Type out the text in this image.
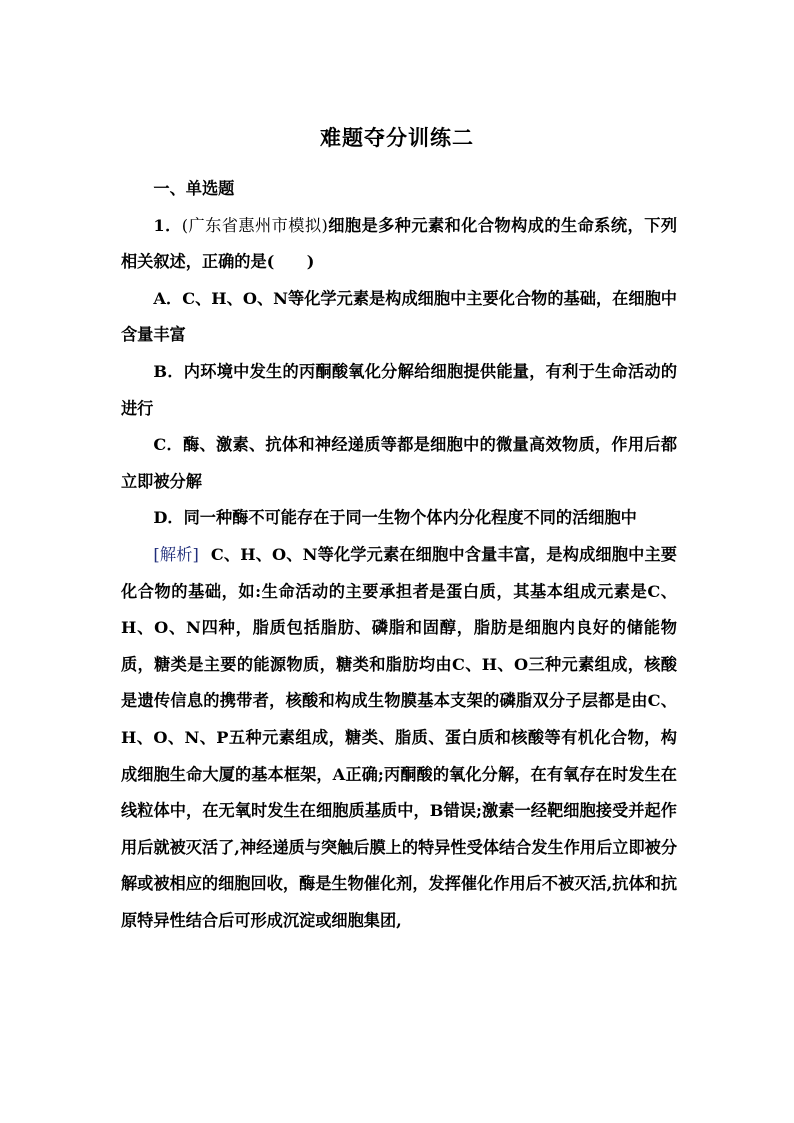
难题夺分训练二

一、单选题

1．(广东省惠州市模拟)细胞是多种元素和化合物构成的生命系统，下列相关叙述，正确的是(　　)

A．C、H、O、N等化学元素是构成细胞中主要化合物的基础，在细胞中含量丰富

B．内环境中发生的丙酮酸氧化分解给细胞提供能量，有利于生命活动的进行

C．酶、激素、抗体和神经递质等都是细胞中的微量高效物质，作用后都立即被分解

D．同一种酶不可能存在于同一生物个体内分化程度不同的活细胞中

[解析] C、H、O、N等化学元素在细胞中含量丰富，是构成细胞中主要化合物的基础，如:生命活动的主要承担者是蛋白质，其基本组成元素是C、H、O、N四种，脂质包括脂肪、磷脂和固醇，脂肪是细胞内良好的储能物质，糖类是主要的能源物质，糖类和脂肪均由C、H、O三种元素组成，核酸是遗传信息的携带者，核酸和构成生物膜基本支架的磷脂双分子层都是由C、H、O、N、P五种元素组成，糖类、脂质、蛋白质和核酸等有机化合物，构成细胞生命大厦的基本框架，A正确;丙酮酸的氧化分解，在有氧存在时发生在线粒体中，在无氧时发生在细胞质基质中，B错误;激素一经靶细胞接受并起作用后就被灭活了,神经递质与突触后膜上的特异性受体结合发生作用后立即被分解或被相应的细胞回收，酶是生物催化剂，发挥催化作用后不被灭活,抗体和抗原特异性结合后可形成沉淀或细胞集团,
